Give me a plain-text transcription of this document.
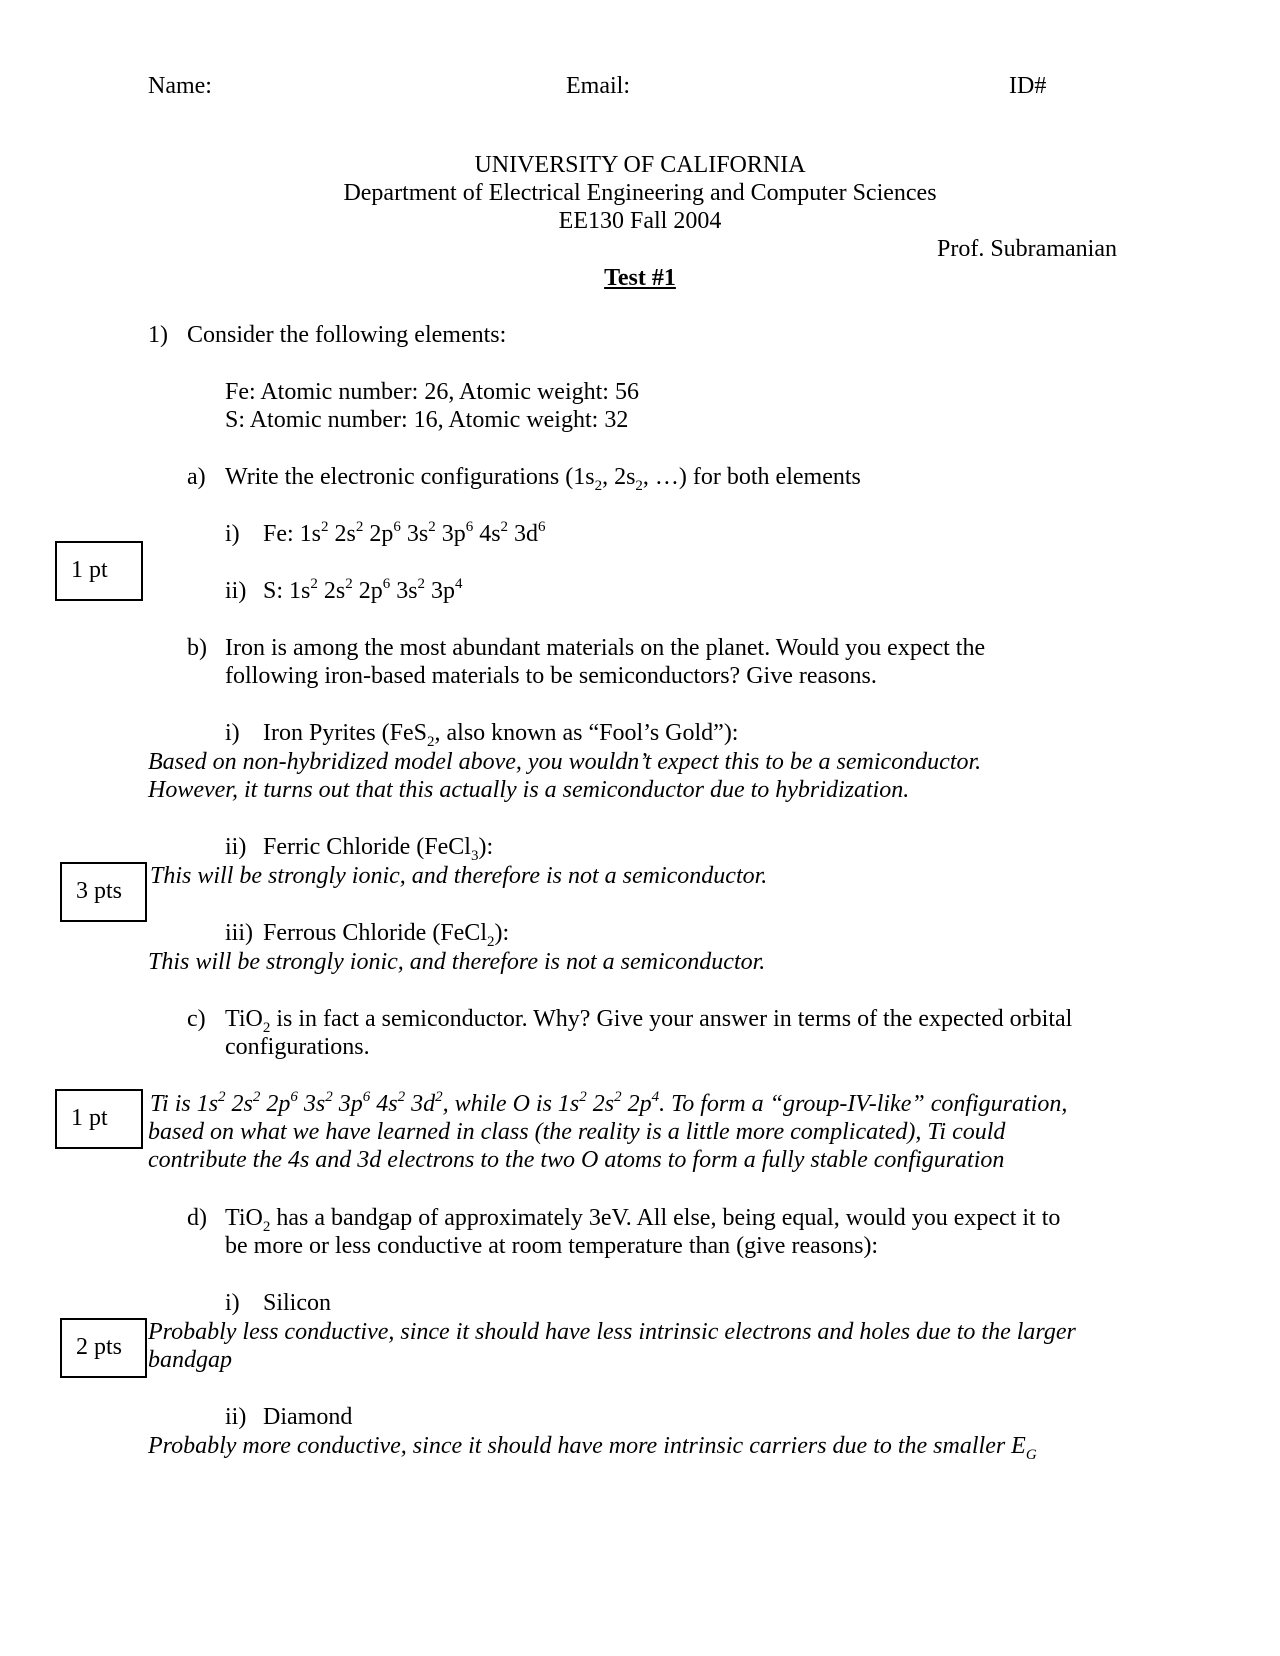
Name:	Email:	ID#
UNIVERSITY OF CALIFORNIA
Department of Electrical Engineering and Computer Sciences
EE130 Fall 2004
Prof. Subramanian
Test #1
1) Consider the following elements:
Fe: Atomic number: 26, Atomic weight: 56
S: Atomic number: 16, Atomic weight: 32
a) Write the electronic configurations ($1s_2$, $2s_2$, …) for both elements
1 pt
i) Fe: $1s^2$ $2s^2$ $2p^6$ $3s^2$ $3p^6$ $4s^2$ $3d^6$
ii) S: $1s^2$ $2s^2$ $2p^6$ $3s^2$ $3p^4$
b) Iron is among the most abundant materials on the planet. Would you expect the
following iron-based materials to be semiconductors? Give reasons.
i) Iron Pyrites (FeS$_2$, also known as “Fool’s Gold”):
Based on non-hybridized model above, you wouldn’t expect this to be a semiconductor.
However, it turns out that this actually is a semiconductor due to hybridization.
3 pts
ii) Ferric Chloride (FeCl$_3$):
This will be strongly ionic, and therefore is not a semiconductor.
iii) Ferrous Chloride (FeCl$_2$):
This will be strongly ionic, and therefore is not a semiconductor.
c) TiO$_2$ is in fact a semiconductor. Why? Give your answer in terms of the expected orbital
configurations.
1 pt
Ti is $1s^2$ $2s^2$ $2p^6$ $3s^2$ $3p^6$ $4s^2$ $3d^2$, while O is $1s^2$ $2s^2$ $2p^4$. To form a “group-IV-like” configuration,
based on what we have learned in class (the reality is a little more complicated), Ti could
contribute the 4s and 3d electrons to the two O atoms to form a fully stable configuration
d) TiO$_2$ has a bandgap of approximately 3eV. All else, being equal, would you expect it to
be more or less conductive at room temperature than (give reasons):
i) Silicon
2 pts
Probably less conductive, since it should have less intrinsic electrons and holes due to the larger
bandgap
ii) Diamond
Probably more conductive, since it should have more intrinsic carriers due to the smaller $E_G$
